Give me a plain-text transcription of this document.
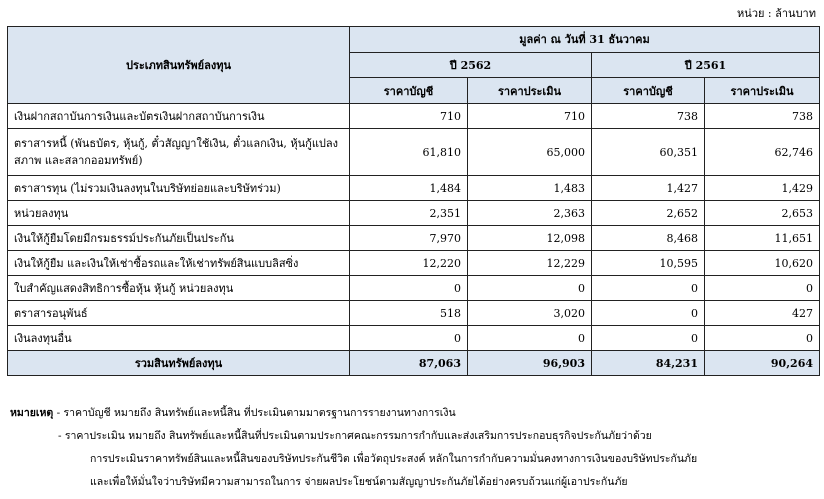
หน่วย : ล้านบาท
ประเภทสินทรัพย์ลงทุน	มูลค่า ณ วันที่ 31 ธันวาคม			
	ปี 2562		ปี 2561	
	ราคาบัญชี	ราคาประเมิน	ราคาบัญชี	ราคาประเมิน
เงินฝากสถาบันการเงินและบัตรเงินฝากสถาบันการเงิน	710	710	738	738
ตราสารหนี้ (พันธบัตร, หุ้นกู้, ตั๋วสัญญาใช้เงิน, ตั๋วแลกเงิน, หุ้นกู้แปลงสภาพ และสลากออมทรัพย์)	61,810	65,000	60,351	62,746
ตราสารทุน (ไม่รวมเงินลงทุนในบริษัทย่อยและบริษัทร่วม)	1,484	1,483	1,427	1,429
หน่วยลงทุน	2,351	2,363	2,652	2,653
เงินให้กู้ยืมโดยมีกรมธรรม์ประกันภัยเป็นประกัน	7,970	12,098	8,468	11,651
เงินให้กู้ยืม และเงินให้เช่าซื้อรถและให้เช่าทรัพย์สินแบบลิสซิ่ง	12,220	12,229	10,595	10,620
ใบสำคัญแสดงสิทธิการซื้อหุ้น หุ้นกู้ หน่วยลงทุน	0	0	0	0
ตราสารอนุพันธ์	518	3,020	0	427
เงินลงทุนอื่น	0	0	0	0
รวมสินทรัพย์ลงทุน	87,063	96,903	84,231	90,264
หมายเหตุ - ราคาบัญชี หมายถึง สินทรัพย์และหนี้สิน ที่ประเมินตามมาตรฐานการรายงานทางการเงิน
- ราคาประเมิน หมายถึง สินทรัพย์และหนี้สินที่ประเมินตามประกาศคณะกรรมการกำกับและส่งเสริมการประกอบธุรกิจประกันภัยว่าด้วย
การประเมินราคาทรัพย์สินและหนี้สินของบริษัทประกันชีวิต เพื่อวัตถุประสงค์ หลักในการกำกับความมั่นคงทางการเงินของบริษัทประกันภัย
และเพื่อให้มั่นใจว่าบริษัทมีความสามารถในการ จ่ายผลประโยชน์ตามสัญญาประกันภัยได้อย่างครบถ้วนแก่ผู้เอาประกันภัย
